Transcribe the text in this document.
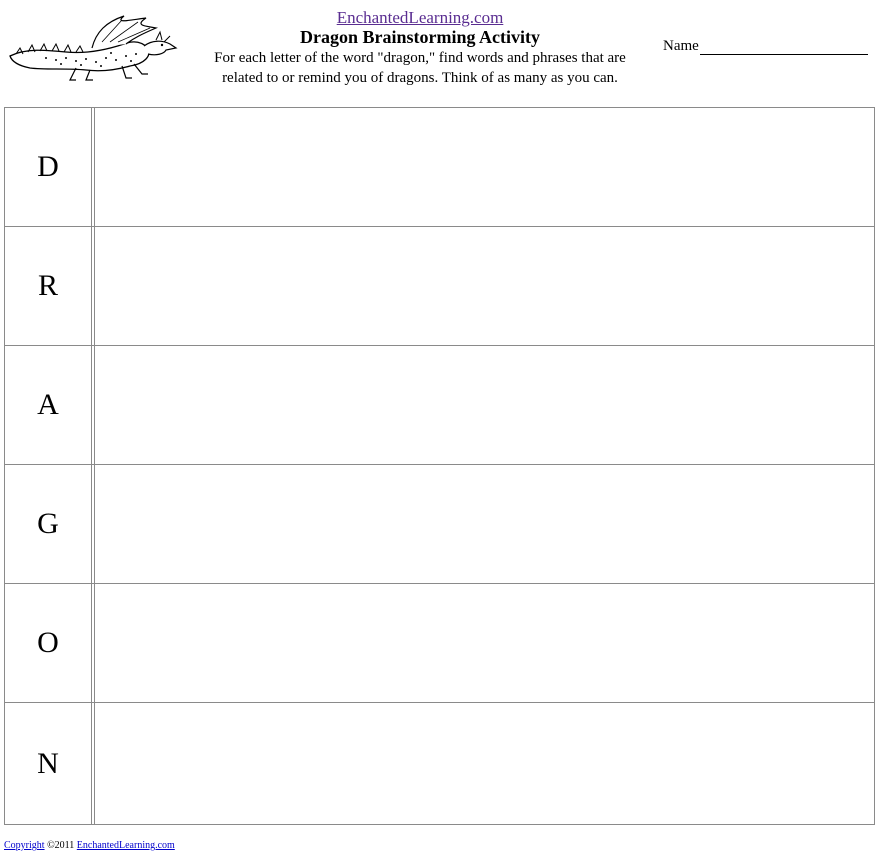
EnchantedLearning.com
Dragon Brainstorming Activity
For each letter of the word "dragon," find words and phrases that are
related to or remind you of dragons. Think of as many as you can.
Name
D
R
A
G
O
N
Copyright ©2011 EnchantedLearning.com
